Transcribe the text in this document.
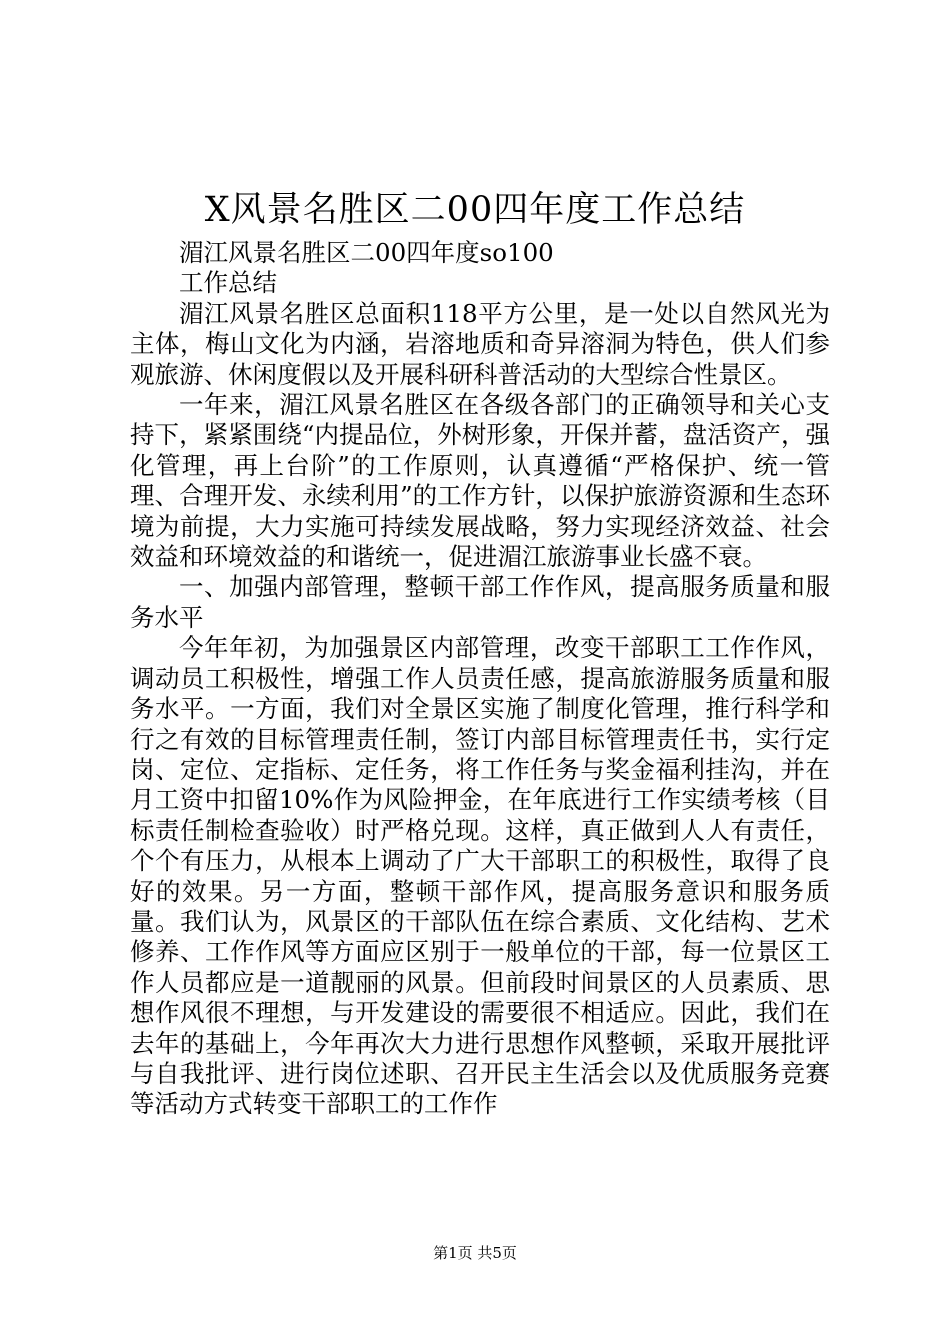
X风景名胜区二00四年度工作总结

湄江风景名胜区二00四年度so100

工作总结

湄江风景名胜区总面积118平方公里，是一处以自然风光为主体，梅山文化为内涵，岩溶地质和奇异溶洞为特色，供人们参观旅游、休闲度假以及开展科研科普活动的大型综合性景区。

一年来，湄江风景名胜区在各级各部门的正确领导和关心支持下，紧紧围绕“内提品位，外树形象，开保并蓄，盘活资产，强化管理，再上台阶”的工作原则，认真遵循“严格保护、统一管理、合理开发、永续利用”的工作方针，以保护旅游资源和生态环境为前提，大力实施可持续发展战略，努力实现经济效益、社会效益和环境效益的和谐统一，促进湄江旅游事业长盛不衰。

一、加强内部管理，整顿干部工作作风，提高服务质量和服务水平

今年年初，为加强景区内部管理，改变干部职工工作作风，调动员工积极性，增强工作人员责任感，提高旅游服务质量和服务水平。一方面，我们对全景区实施了制度化管理，推行科学和行之有效的目标管理责任制，签订内部目标管理责任书，实行定岗、定位、定指标、定任务，将工作任务与奖金福利挂沟，并在月工资中扣留10%作为风险押金，在年底进行工作实绩考核（目标责任制检查验收）时严格兑现。这样，真正做到人人有责任，个个有压力，从根本上调动了广大干部职工的积极性，取得了良好的效果。另一方面，整顿干部作风，提高服务意识和服务质量。我们认为，风景区的干部队伍在综合素质、文化结构、艺术修养、工作作风等方面应区别于一般单位的干部，每一位景区工作人员都应是一道靓丽的风景。但前段时间景区的人员素质、思想作风很不理想，与开发建设的需要很不相适应。因此，我们在去年的基础上，今年再次大力进行思想作风整顿，采取开展批评与自我批评、进行岗位述职、召开民主生活会以及优质服务竞赛等活动方式转变干部职工的工作作

第1页 共5页
